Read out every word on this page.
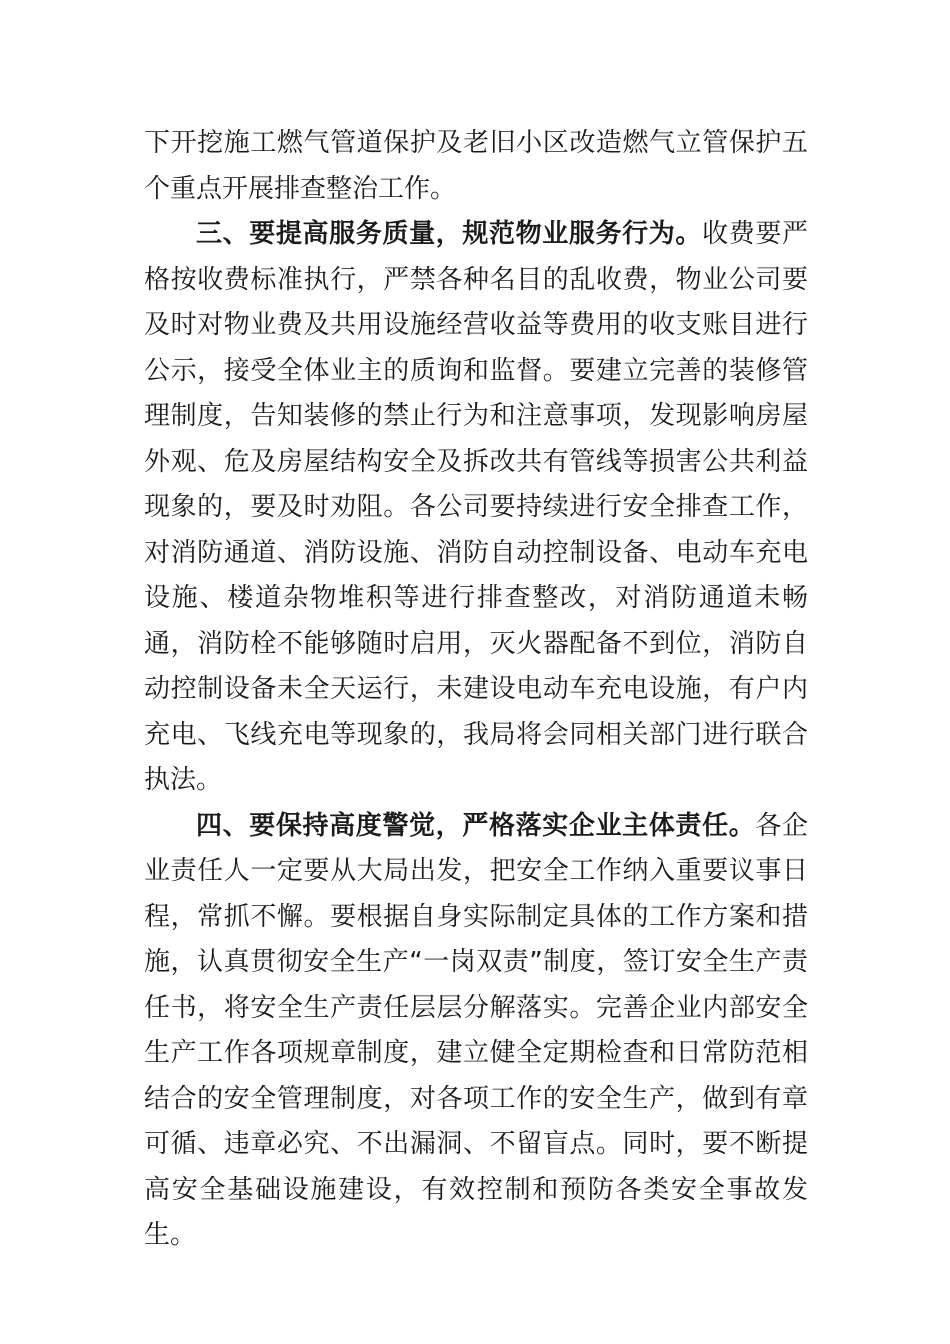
下开挖施工燃气管道保护及老旧小区改造燃气立管保护五个重点开展排查整治工作。

三、要提高服务质量，规范物业服务行为。收费要严格按收费标准执行，严禁各种名目的乱收费，物业公司要及时对物业费及共用设施经营收益等费用的收支账目进行公示，接受全体业主的质询和监督。要建立完善的装修管理制度，告知装修的禁止行为和注意事项，发现影响房屋外观、危及房屋结构安全及拆改共有管线等损害公共利益现象的，要及时劝阻。各公司要持续进行安全排查工作，对消防通道、消防设施、消防自动控制设备、电动车充电设施、楼道杂物堆积等进行排查整改，对消防通道未畅通，消防栓不能够随时启用，灭火器配备不到位，消防自动控制设备未全天运行，未建设电动车充电设施，有户内充电、飞线充电等现象的，我局将会同相关部门进行联合执法。

四、要保持高度警觉，严格落实企业主体责任。各企业责任人一定要从大局出发，把安全工作纳入重要议事日程，常抓不懈。要根据自身实际制定具体的工作方案和措施，认真贯彻安全生产“一岗双责”制度，签订安全生产责任书，将安全生产责任层层分解落实。完善企业内部安全生产工作各项规章制度，建立健全定期检查和日常防范相结合的安全管理制度，对各项工作的安全生产，做到有章可循、违章必究、不出漏洞、不留盲点。同时，要不断提高安全基础设施建设，有效控制和预防各类安全事故发生。
